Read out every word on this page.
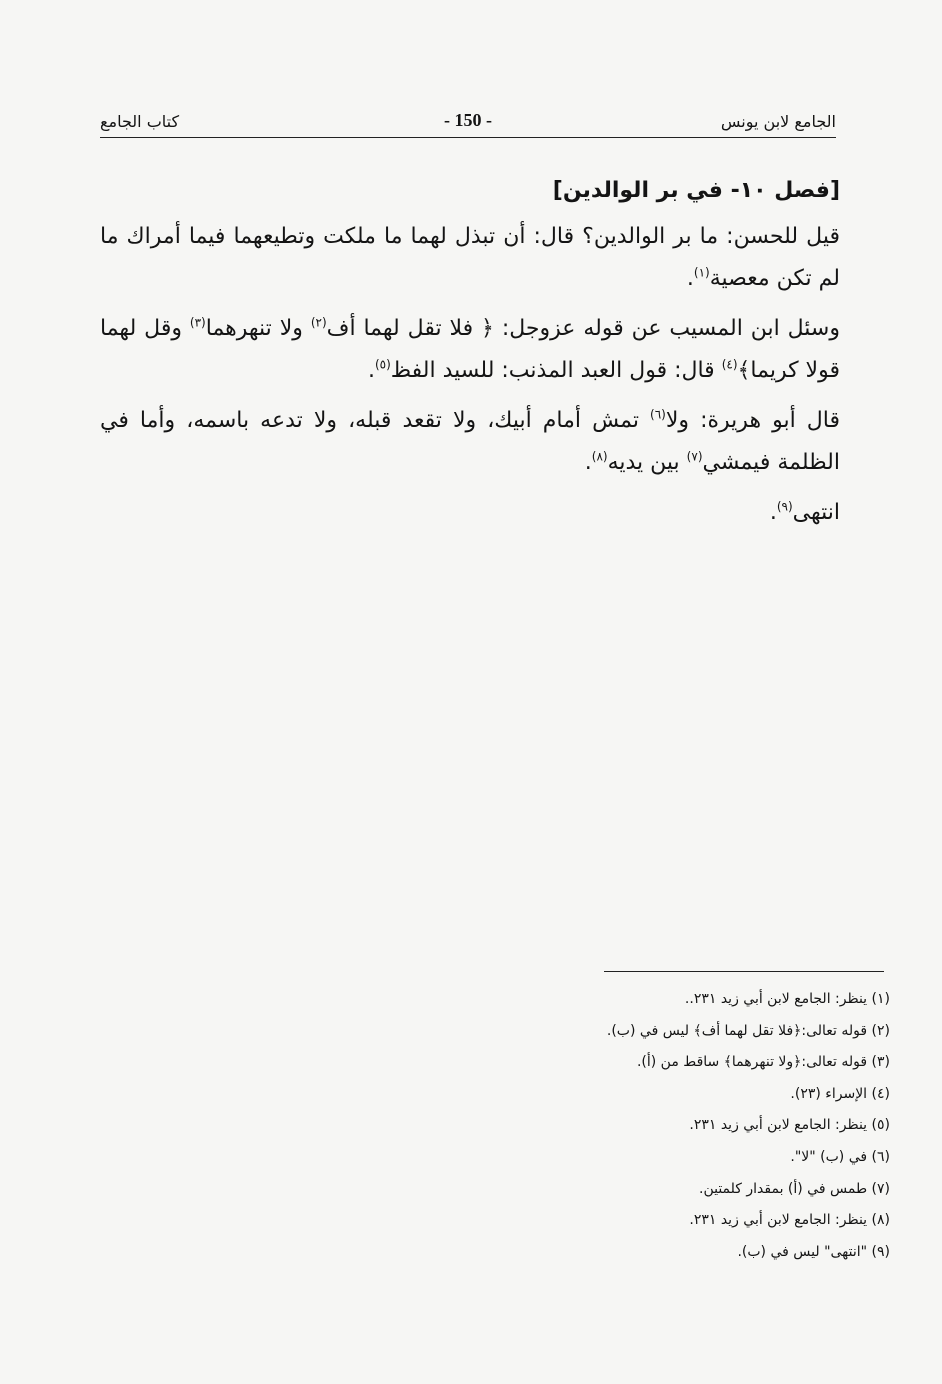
الجامع لابن يونس
- 150 -
كتاب الجامع
[فصل ١٠- في بر الوالدين]

قيل للحسن: ما بر الوالدين؟ قال: أن تبذل لهما ما ملكت وتطيعهما فيما أمراك ما لم تكن معصية$^{(١)}$.

وسئل ابن المسيب عن قوله عزوجل: ﴿ فلا تقل لهما أف$^{(٢)}$ ولا تنهرهما$^{(٣)}$ وقل لهما قولا كريما﴾$^{(٤)}$ قال: قول العبد المذنب: للسيد الفظ$^{(٥)}$.

قال أبو هريرة: ولا$^{(٦)}$ تمش أمام أبيك، ولا تقعد قبله، ولا تدعه باسمه، وأما في الظلمة فيمشي$^{(٧)}$ بين يديه$^{(٨)}$.

انتهى$^{(٩)}$.

(١) ينظر: الجامع لابن أبي زيد ٢٣١..

(٢) قوله تعالى:﴿فلا تقل لهما أف﴾ ليس في (ب).

(٣) قوله تعالى:﴿ولا تنهرهما﴾ ساقط من (أ).

(٤) الإسراء (٢٣).

(٥) ينظر: الجامع لابن أبي زيد ٢٣١.

(٦) في (ب) "لا".

(٧) طمس في (أ) بمقدار كلمتين.

(٨) ينظر: الجامع لابن أبي زيد ٢٣١.

(٩) "انتهى" ليس في (ب).
